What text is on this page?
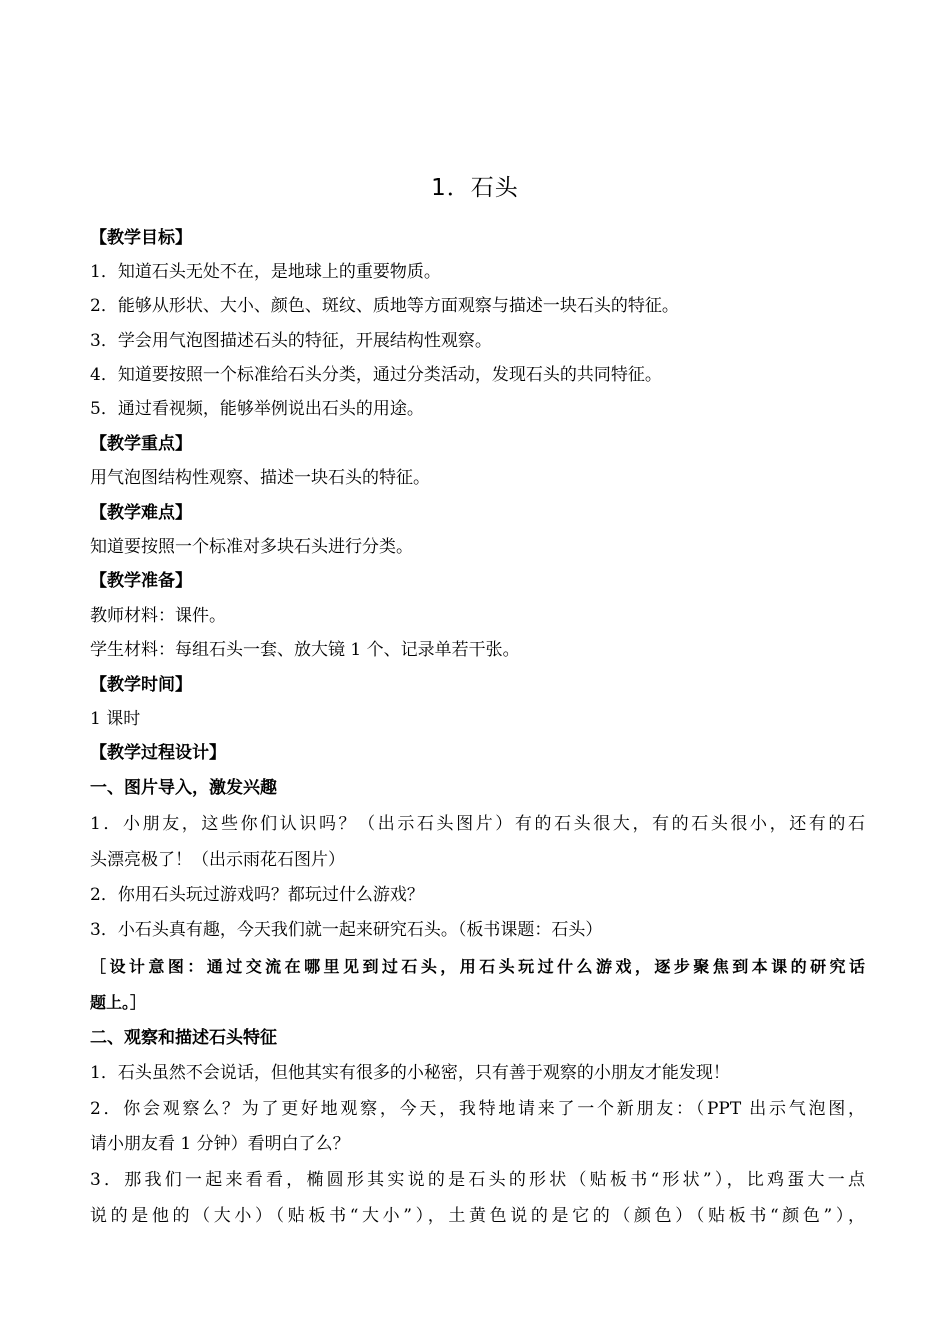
1．石头
【教学目标】
1．知道石头无处不在，是地球上的重要物质。
2．能够从形状、大小、颜色、斑纹、质地等方面观察与描述一块石头的特征。
3．学会用气泡图描述石头的特征，开展结构性观察。
4．知道要按照一个标准给石头分类，通过分类活动，发现石头的共同特征。
5．通过看视频，能够举例说出石头的用途。
【教学重点】
用气泡图结构性观察、描述一块石头的特征。
【教学难点】
知道要按照一个标准对多块石头进行分类。
【教学准备】
教师材料：课件。
学生材料：每组石头一套、放大镜 1 个、记录单若干张。
【教学时间】
1 课时
【教学过程设计】
一、图片导入，激发兴趣
1．小朋友，这些你们认识吗？（出示石头图片）有的石头很大，有的石头很小，还有的石
头漂亮极了！（出示雨花石图片）
2．你用石头玩过游戏吗？都玩过什么游戏？
3．小石头真有趣，今天我们就一起来研究石头。（板书课题：石头）
［设计意图：通过交流在哪里见到过石头，用石头玩过什么游戏，逐步聚焦到本课的研究话
题上。］
二、观察和描述石头特征
1．石头虽然不会说话，但他其实有很多的小秘密，只有善于观察的小朋友才能发现！
2．你会观察么？为了更好地观察，今天，我特地请来了一个新朋友：（PPT 出示气泡图，
请小朋友看 1 分钟）看明白了么？
3．那我们一起来看看，椭圆形其实说的是石头的形状（贴板书“形状”），比鸡蛋大一点
说的是他的（大小）（贴板书“大小”），土黄色说的是它的（颜色）（贴板书“颜色”），
